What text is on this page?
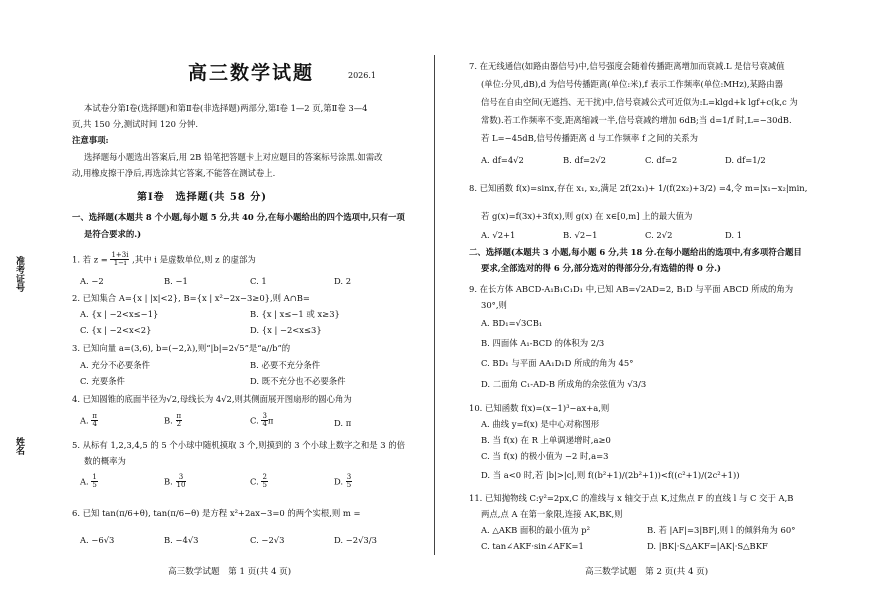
准考证号
姓名
高三数学试题	2026.1
本试卷分第Ⅰ卷(选择题)和第Ⅱ卷(非选择题)两部分,第Ⅰ卷 1—2 页,第Ⅱ卷 3—4
页,共 150 分,测试时间 120 分钟.
注意事项:
选择题每小题选出答案后,用 2B 铅笔把答题卡上对应题目的答案标号涂黑.如需改
动,用橡皮擦干净后,再选涂其它答案,不能答在测试卷上.
第Ⅰ卷　选择题(共 58 分)
一、选择题(本题共 8 个小题,每小题 5 分,共 40 分,在每小题给出的四个选项中,只有一项
是符合要求的.)
1. 若 $z = \frac{1+3i}{1-i}$ ,其中 i 是虚数单位,则 z 的虚部为
A. −2	B. −1	C. 1	D. 2
2. 已知集合 A={x | |x|<2}, B={x | x²−2x−3≥0},则 A∩B=
A. {x | −2<x≤−1}	B. {x | x≤−1 或 x≥3}
C. {x | −2<x<2}	D. {x | −2<x≤3}
3. 已知向量 a=(3,6), b=(−2,λ),则“|b|=2√5”是“a//b”的
A. 充分不必要条件	B. 必要不充分条件
C. 充要条件	D. 既不充分也不必要条件
4. 已知圆锥的底面半径为√2,母线长为 4√2,则其侧面展开图扇形的圆心角为
A. $\frac{\pi}{4}$	B. $\frac{\pi}{2}$	C. $\frac{3}{4}$ π	D. π
5. 从标有 1,2,3,4,5 的 5 个小球中随机摸取 3 个,则摸到的 3 个小球上数字之和是 3 的倍
数的概率为
A. $\frac{1}{5}$	B. $\frac{3}{10}$	C. $\frac{2}{5}$	D. $\frac{3}{5}$
6. 已知 tan(π/6+θ), tan(π/6−θ) 是方程 x²+2ax−3=0 的两个实根,则 m =
A. −6√3	B. −4√3	C. −2√3	D. −2√3/3
高三数学试题　第 1 页(共 4 页)
7. 在无线通信(如路由器信号)中,信号强度会随着传播距离增加而衰减.L 是信号衰减值
(单位:分贝,dB),d 为信号传播距离(单位:米),f 表示工作频率(单位:MHz),某路由器
信号在自由空间(无遮挡、无干扰)中,信号衰减公式可近似为:L=klgd+k lgf+c(k,c 为
常数).若工作频率不变,距离缩减一半,信号衰减约增加 6dB;当 d=1/f 时,L=−30dB.
若 L=−45dB,信号传播距离 d 与工作频率 f 之间的关系为
A. df=4√2	B. df=2√2	C. df=2	D. df=1/2
8. 已知函数 f(x)=sinx,存在 x₁, x₂,满足 2f(2x₁)+ 1/(f(2x₂)+3/2) =4,令 m=|x₁−x₂|min,
若 g(x)=f(3x)+3f(x),则 g(x) 在 x∈[0,m] 上的最大值为
A. √2+1	B. √2−1	C. 2√2	D. 1
二、选择题(本题共 3 小题,每小题 6 分,共 18 分.在每小题给出的选项中,有多项符合题目
要求,全部选对的得 6 分,部分选对的得部分分,有选错的得 0 分.)
9. 在长方体 ABCD-A₁B₁C₁D₁ 中,已知 AB=√2AD=2, B₁D 与平面 ABCD 所成的角为
30°,则
A. BD₁=√3CB₁
B. 四面体 A₁-BCD 的体积为 2/3
C. BD₁ 与平面 AA₁D₁D 所成的角为 45°
D. 二面角 C₁-AD-B 所成角的余弦值为 √3/3
10. 已知函数 f(x)=(x−1)³−ax+a,则
A. 曲线 y=f(x) 是中心对称图形
B. 当 f(x) 在 R 上单调递增时,a≥0
C. 当 f(x) 的极小值为 −2 时,a=3
D. 当 a<0 时,若 |b|>|c|,则 f((b²+1)/(2b²+1))<f((c²+1)/(2c²+1))
11. 已知抛物线 C:y²=2px,C 的准线与 x 轴交于点 K,过焦点 F 的直线 l 与 C 交于 A,B
两点,点 A 在第一象限,连接 AK,BK,则
A. △AKB 面积的最小值为 p²	B. 若 |AF|=3|BF|,则 l 的倾斜角为 60°
C. tan∠AKF·sin∠AFK=1	D. |BK|·S△AKF=|AK|·S△BKF
高三数学试题　第 2 页(共 4 页)
